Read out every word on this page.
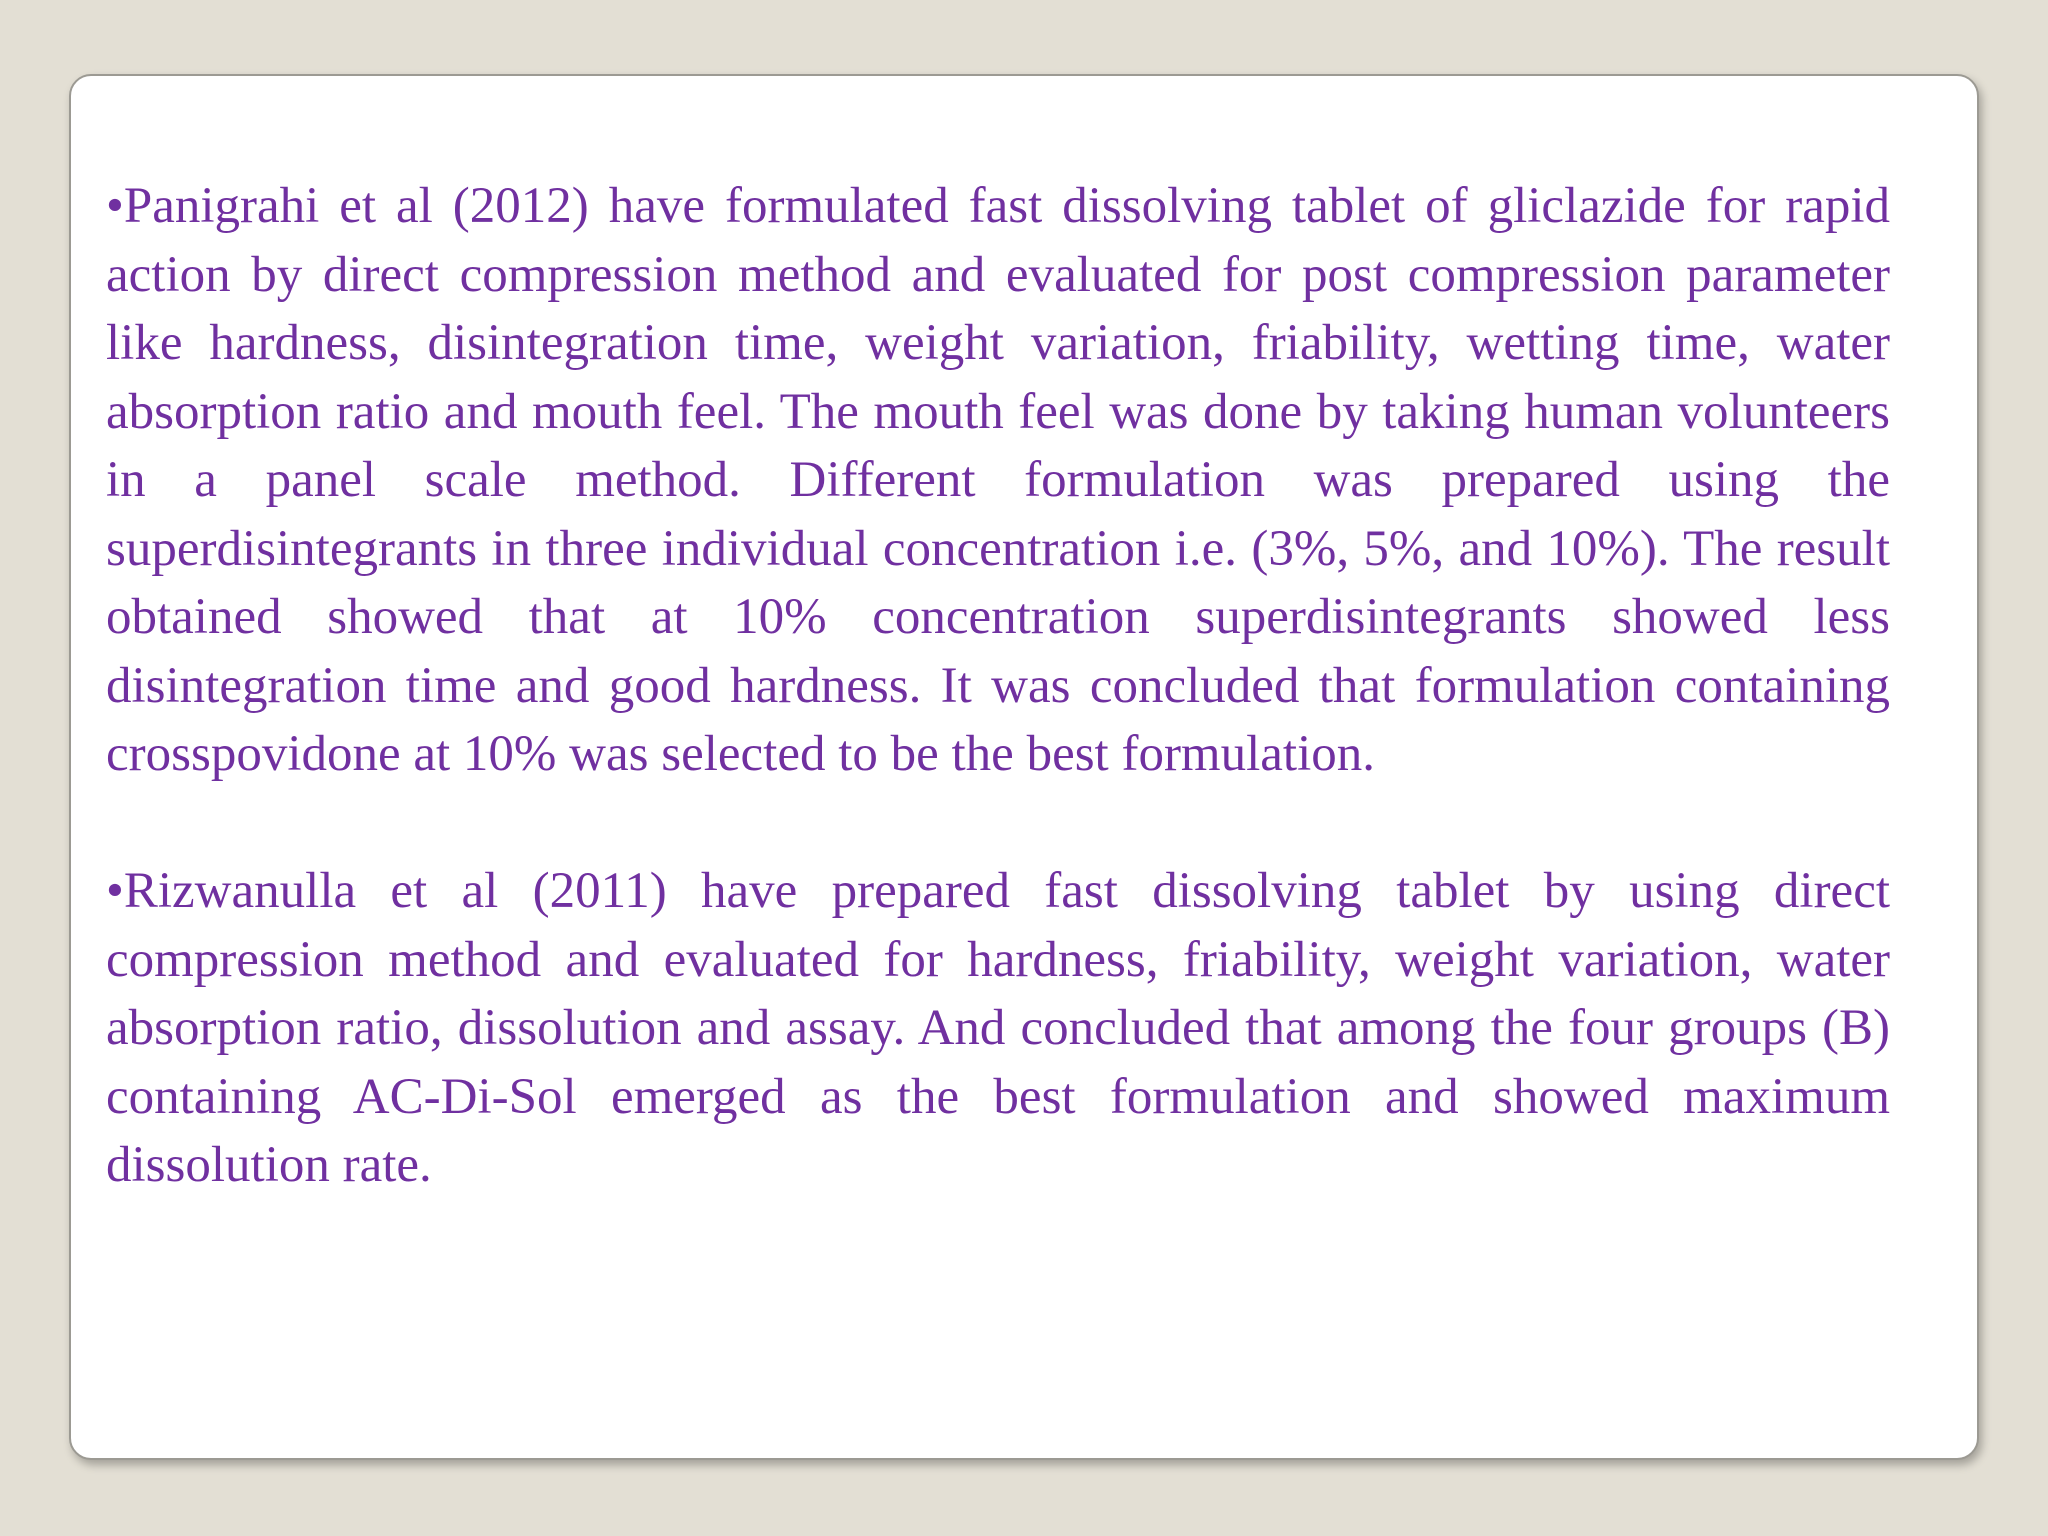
•Panigrahi et al (2012) have formulated fast dissolving tablet of gliclazide for rapid action by direct compression method and evaluated for post compression parameter like hardness, disintegration time, weight variation, friability, wetting time, water absorption ratio and mouth feel. The mouth feel was done by taking human volunteers in a panel scale method. Different formulation was prepared using the superdisintegrants in three individual concentration i.e. (3%, 5%, and 10%). The result obtained showed that at 10% concentration superdisintegrants showed less disintegration time and good hardness. It was concluded that formulation containing crosspovidone at 10% was selected to be the best formulation.

•Rizwanulla et al (2011) have prepared fast dissolving tablet by using direct compression method and evaluated for hardness, friability, weight variation, water absorption ratio, dissolution and assay. And concluded that among the four groups (B) containing AC-Di-Sol emerged as the best formulation and showed maximum dissolution rate.
